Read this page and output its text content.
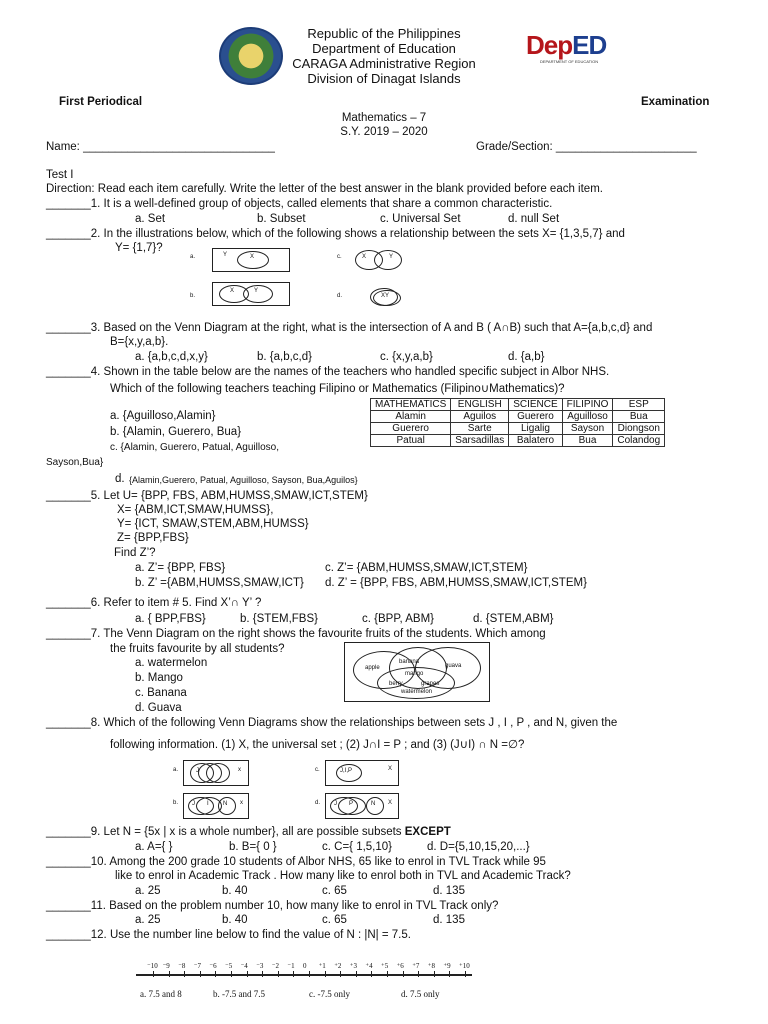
Republic of the Philippines
Department of Education
CARAGA Administrative Region
Division of Dinagat Islands
DepED
DEPARTMENT OF EDUCATION
First Periodical	Examination
Mathematics – 7
S.Y. 2019 – 2020
Name: ______________________________	Grade/Section: ______________________
Test I
Direction: Read each item carefully. Write the letter of the best answer in the blank provided before each item.
_______1. It is a well-defined group of objects, called elements that share a common characteristic.
a. Set	b. Subset	c. Universal Set	d. null Set
_______2. In the illustrations below, which of the following shows a relationship between the sets X= {1,3,5,7} and
Y= {1,7}?
a.	Y	X	c.	X	Y
b.
X	Y
d.	XY
_______3. Based on the Venn Diagram at the right, what is the intersection of A and B ( A∩B) such that A={a,b,c,d} and
B={x,y,a,b}.
a. {a,b,c,d,x,y}	b. {a,b,c,d}	c. {x,y,a,b}	d. {a,b}
_______4. Shown in the table below are the names of the teachers who handled specific subject in Albor NHS.
Which of the following teachers teaching Filipino or Mathematics (Filipino∪Mathematics)?
a. {Aguilloso,Alamin}
b. {Alamin, Guerero, Bua}
c. {Alamin, Guerero, Patual, Aguilloso,
Sayson,Bua}
d. {Alamin,Guerero, Patual, Aguilloso, Sayson, Bua,Aguilos}
MATHEMATICS	ENGLISH	SCIENCE	FILIPINO	ESP
Alamin	Aguilos	Guerero	Aguilloso	Bua
Guerero	Sarte	Ligalig	Sayson	Diongson
Patual	Sarsadillas	Balatero	Bua	Colandog
_______5. Let U= {BPP, FBS, ABM,HUMSS,SMAW,ICT,STEM}
X= {ABM,ICT,SMAW,HUMSS},
Y= {ICT, SMAW,STEM,ABM,HUMSS}
Z= {BPP,FBS}
Find Z’?
a. Z’= {BPP, FBS}	c. Z’= {ABM,HUMSS,SMAW,ICT,STEM}
b. Z’ ={ABM,HUMSS,SMAW,ICT} d. Z’ = {BPP, FBS, ABM,HUMSS,SMAW,ICT,STEM}
_______6. Refer to item # 5. Find X’∩ Y’ ?
a. { BPP,FBS}	b. {STEM,FBS}	c. {BPP, ABM}	d. {STEM,ABM}
_______7. The Venn Diagram on the right shows the favourite fruits of the students. Which among
the fruits favourite by all students?
a. watermelon
b. Mango
c. Banana
d. Guava
apple
banana
guava
mango
berry	grapes
watermelon
_______8. Which of the following Venn Diagrams show the relationships between sets J , I , P , and N, given the
following information. (1) X, the universal set ; (2) J∩I = P ; and (3) (J∪I) ∩ N =∅?
a.	J	x	c.	J,I,P	X
b. J I N x	d. J P	N X
_______9. Let N = {5x | x is a whole number}, all are possible subsets EXCEPT
a. A={ }	b. B={ 0 }	c. C={ 1,5,10}	d. D={5,10,15,20,...}
_______10. Among the 200 grade 10 students of Albor NHS, 65 like to enrol in TVL Track while 95
like to enrol in Academic Track . How many like to enrol both in TVL and Academic Track?
a. 25	b. 40	c. 65	d. 135
_______11. Based on the problem number 10, how many like to enrol in TVL Track only?
a. 25	b. 40	c. 65	d. 135
_______12. Use the number line below to find the value of N : |N| = 7.5.
⁻10 ⁻9 ⁻8 ⁻7 ⁻6 ⁻5 ⁻4 ⁻3 ⁻2 ⁻1 0 ⁺1 ⁺2 ⁺3 ⁺4 ⁺5 ⁺6 ⁺7 ⁺8 ⁺9 ⁺10
a. 7.5 and 8	b. -7.5 and 7.5	c. -7.5 only	d. 7.5 only
